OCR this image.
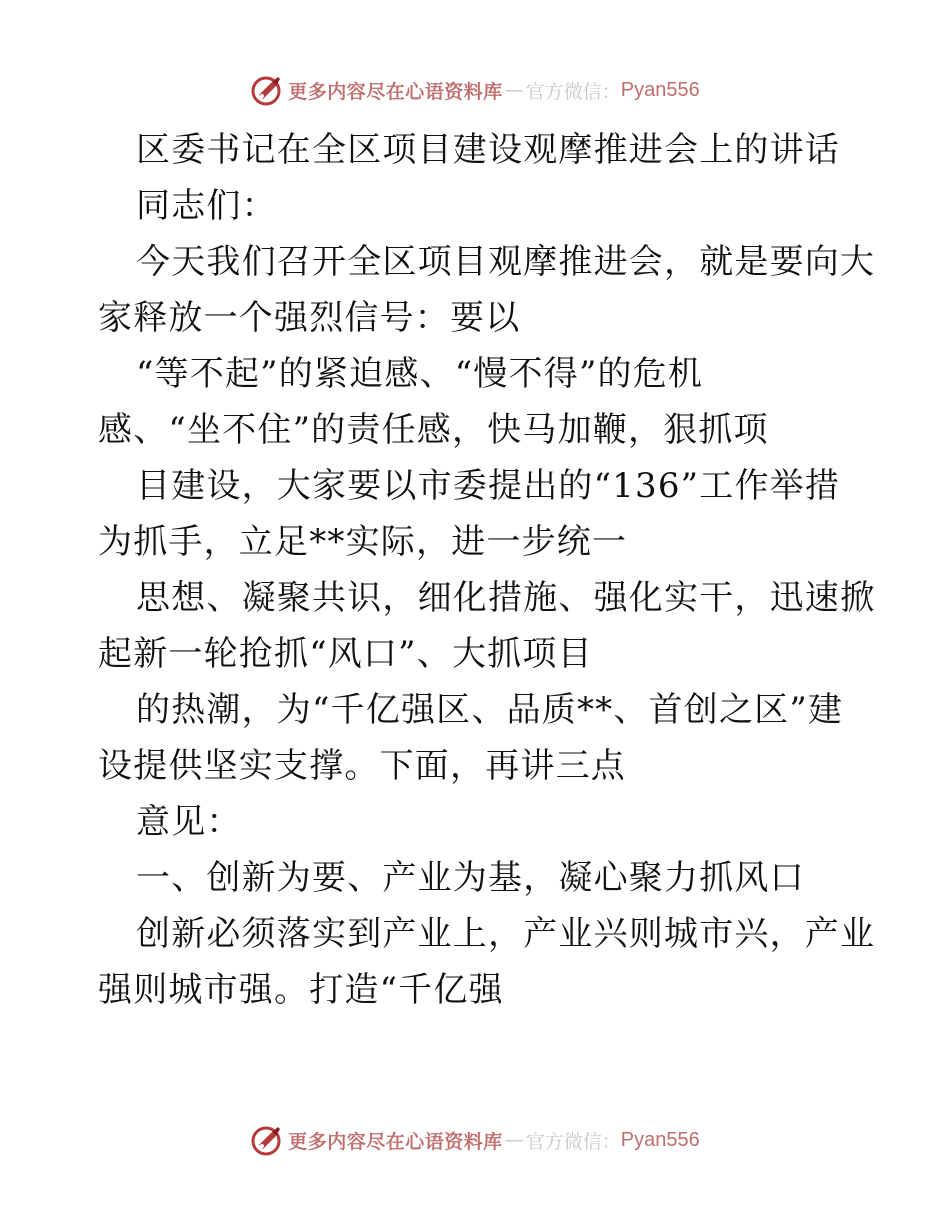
更多内容尽在心语资料库 — 官方微信： Pyan556
区委书记在全区项目建设观摩推进会上的讲话
同志们：
今天我们召开全区项目观摩推进会，就是要向大
家释放一个强烈信号：要以
“等不起”的紧迫感、“慢不得”的危机
感、“坐不住”的责任感，快马加鞭，狠抓项
目建设，大家要以市委提出的“136”工作举措
为抓手，立足**实际，进一步统一
思想、凝聚共识，细化措施、强化实干，迅速掀
起新一轮抢抓“风口”、大抓项目
的热潮，为“千亿强区、品质**、首创之区”建
设提供坚实支撑。下面，再讲三点
意见：
一、创新为要、产业为基，凝心聚力抓风口
创新必须落实到产业上，产业兴则城市兴，产业
强则城市强。打造“千亿强
更多内容尽在心语资料库 — 官方微信： Pyan556
